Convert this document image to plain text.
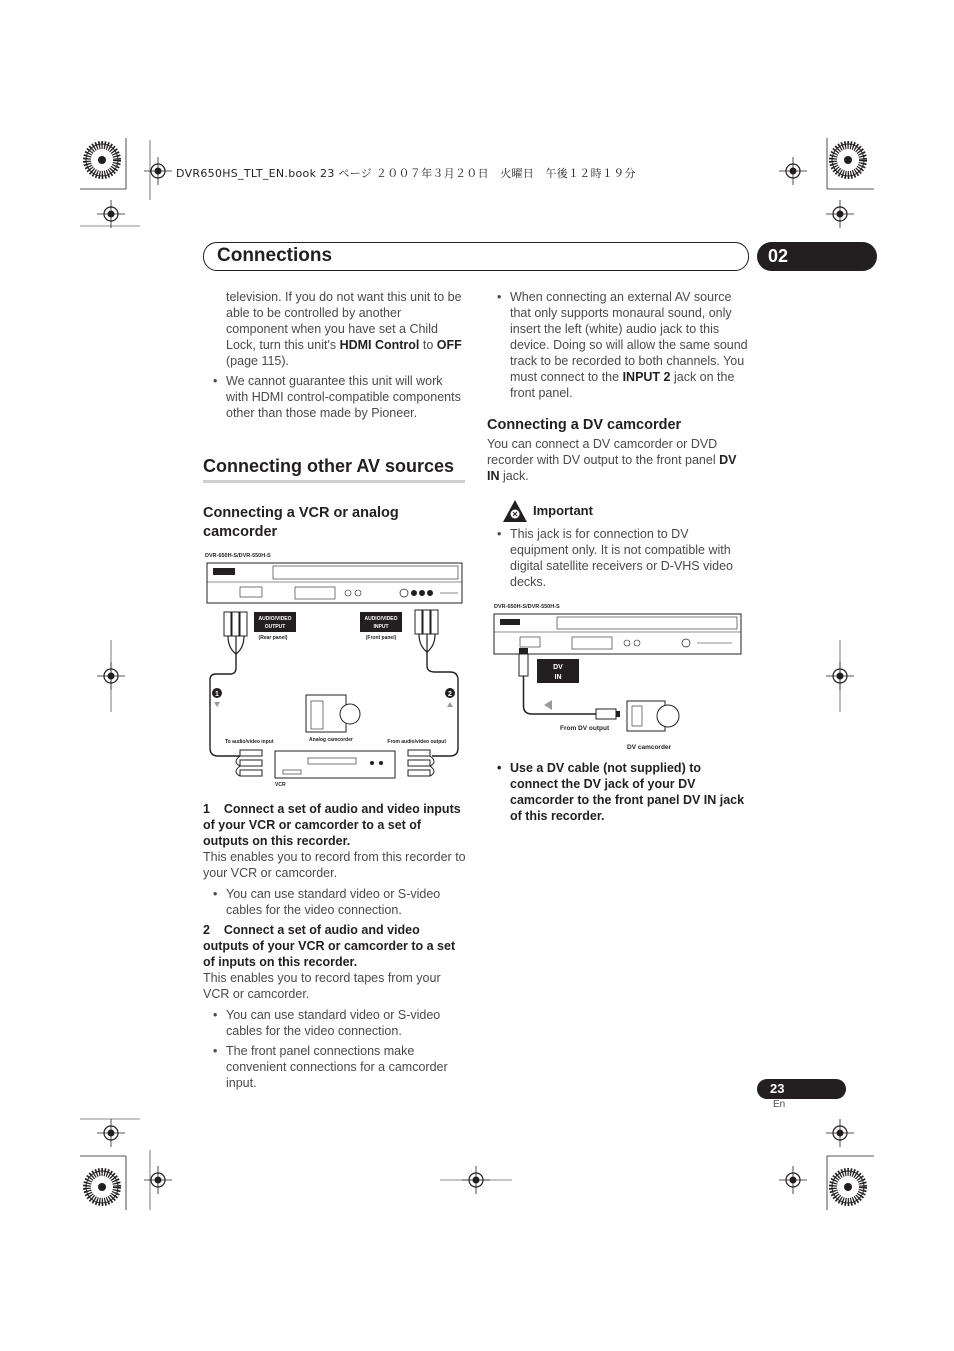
DVR650HS_TLT_EN.book 23 ページ ２００７年３月２０日　火曜日　午後１２時１９分
Connections	02
television. If you do not want this unit to be able to be controlled by another component when you have set a Child Lock, turn this unit's HDMI Control to OFF (page 115).
• We cannot guarantee this unit will work with HDMI control-compatible components other than those made by Pioneer.
Connecting other AV sources
Connecting a VCR or analog camcorder
DVR-650H-S/DVR-550H-S
AUDIO/VIDEO
OUTPUT
(Rear panel)
AUDIO/VIDEO
INPUT
(Front panel)
1	2
Analog camcorder
To audio/video input	From audio/video output
VCR
1 Connect a set of audio and video inputs of your VCR or camcorder to a set of outputs on this recorder.
This enables you to record from this recorder to your VCR or camcorder.
• You can use standard video or S-video cables for the video connection.
2 Connect a set of audio and video outputs of your VCR or camcorder to a set of inputs on this recorder.
This enables you to record tapes from your VCR or camcorder.
• You can use standard video or S-video cables for the video connection.
• The front panel connections make convenient connections for a camcorder input.
• When connecting an external AV source that only supports monaural sound, only insert the left (white) audio jack to this device. Doing so will allow the same sound track to be recorded to both channels. You must connect to the INPUT 2 jack on the front panel.
Connecting a DV camcorder
You can connect a DV camcorder or DVD recorder with DV output to the front panel DV IN jack.
Important
• This jack is for connection to DV equipment only. It is not compatible with digital satellite receivers or D-VHS video decks.
DVR-650H-S/DVR-550H-S
DV
IN
From DV output
DV camcorder
• Use a DV cable (not supplied) to connect the DV jack of your DV camcorder to the front panel DV IN jack of this recorder.
23
En
